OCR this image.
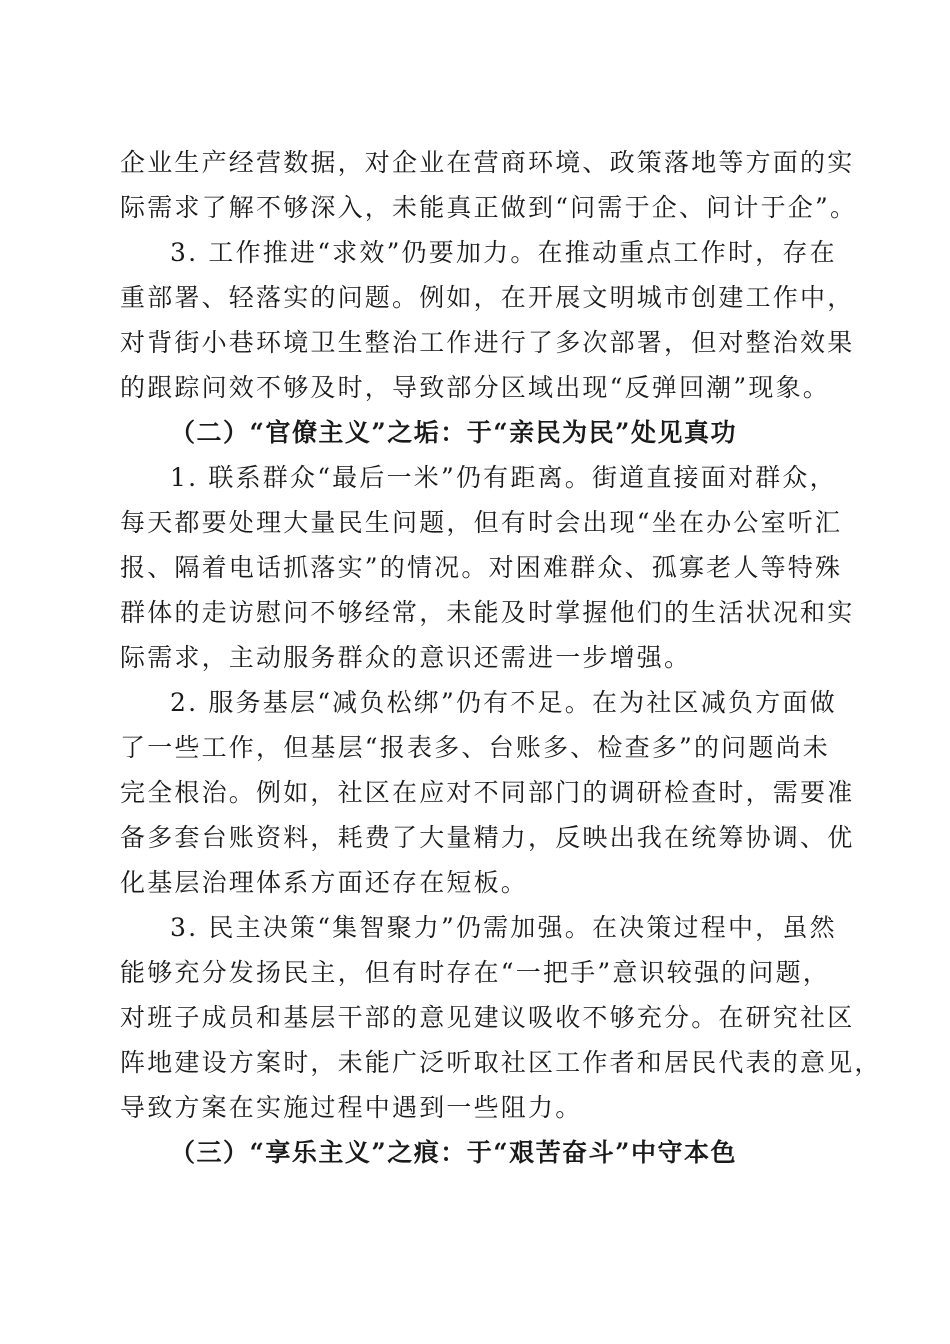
企业生产经营数据，对企业在营商环境、政策落地等方面的实
际需求了解不够深入，未能真正做到“问需于企、问计于企”。
3. 工作推进“求效”仍要加力。在推动重点工作时，存在
重部署、轻落实的问题。例如，在开展文明城市创建工作中，
对背街小巷环境卫生整治工作进行了多次部署，但对整治效果
的跟踪问效不够及时，导致部分区域出现“反弹回潮”现象。
（二）“官僚主义”之垢：于“亲民为民”处见真功
1. 联系群众“最后一米”仍有距离。街道直接面对群众，
每天都要处理大量民生问题，但有时会出现“坐在办公室听汇
报、隔着电话抓落实”的情况。对困难群众、孤寡老人等特殊
群体的走访慰问不够经常，未能及时掌握他们的生活状况和实
际需求，主动服务群众的意识还需进一步增强。
2. 服务基层“减负松绑”仍有不足。在为社区减负方面做
了一些工作，但基层“报表多、台账多、检查多”的问题尚未
完全根治。例如，社区在应对不同部门的调研检查时，需要准
备多套台账资料，耗费了大量精力，反映出我在统筹协调、优
化基层治理体系方面还存在短板。
3. 民主决策“集智聚力”仍需加强。在决策过程中，虽然
能够充分发扬民主，但有时存在“一把手”意识较强的问题，
对班子成员和基层干部的意见建议吸收不够充分。在研究社区
阵地建设方案时，未能广泛听取社区工作者和居民代表的意见，
导致方案在实施过程中遇到一些阻力。
（三）“享乐主义”之痕：于“艰苦奋斗”中守本色
